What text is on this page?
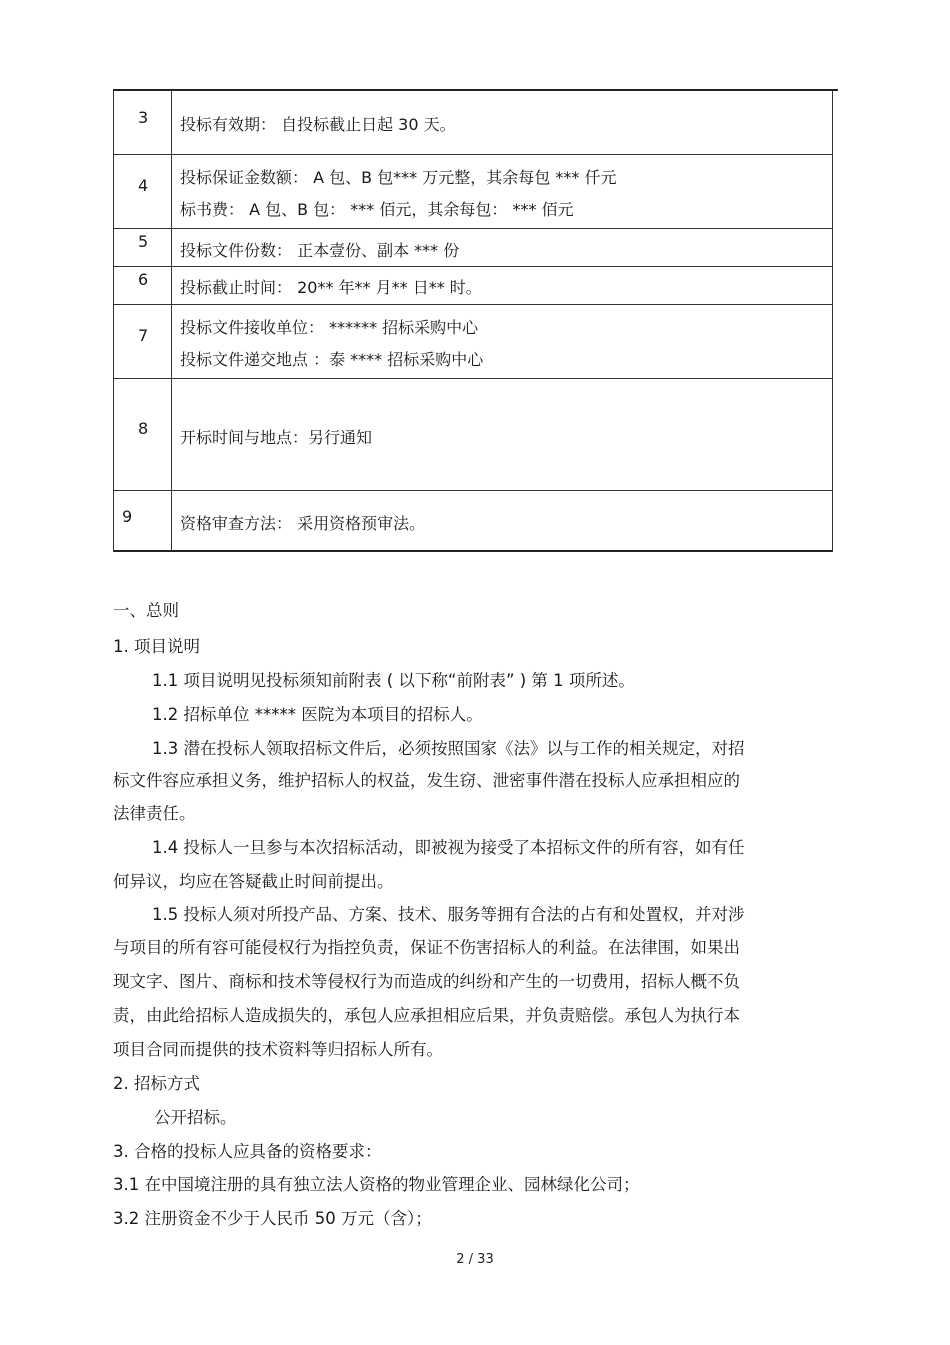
3 投标有效期： 自投标截止日起 30 天。
4 投标保证金数额： A 包、B 包*** 万元整，其余每包 *** 仟元
标书费： A 包、B 包： *** 佰元，其余每包： *** 佰元
5 投标文件份数： 正本壹份、副本 *** 份
6 投标截止时间： 20** 年** 月** 日** 时。
7 投标文件接收单位： ****** 招标采购中心
投标文件递交地点 ：泰 **** 招标采购中心
8 开标时间与地点：另行通知
9	资格审查方法： 采用资格预审法。
一、总则
1. 项目说明
1.1 项目说明见投标须知前附表 ( 以下称“前附表” ) 第 1 项所述。
1.2 招标单位 ***** 医院为本项目的招标人。
1.3 潜在投标人领取招标文件后，必须按照国家《法》以与工作的相关规定，对招
标文件容应承担义务，维护招标人的权益，发生窃、泄密事件潜在投标人应承担相应的
法律责任。
1.4 投标人一旦参与本次招标活动，即被视为接受了本招标文件的所有容，如有任
何异议，均应在答疑截止时间前提出。
1.5 投标人须对所投产品、方案、技术、服务等拥有合法的占有和处置权，并对涉
与项目的所有容可能侵权行为指控负责，保证不伤害招标人的利益。在法律围，如果出
现文字、图片、商标和技术等侵权行为而造成的纠纷和产生的一切费用，招标人概不负
责，由此给招标人造成损失的，承包人应承担相应后果，并负责赔偿。承包人为执行本
项目合同而提供的技术资料等归招标人所有。
2. 招标方式
公开招标。
3. 合格的投标人应具备的资格要求：
3.1 在中国境注册的具有独立法人资格的物业管理企业、园林绿化公司；
3.2 注册资金不少于人民币 50 万元（含）；
2 / 33
